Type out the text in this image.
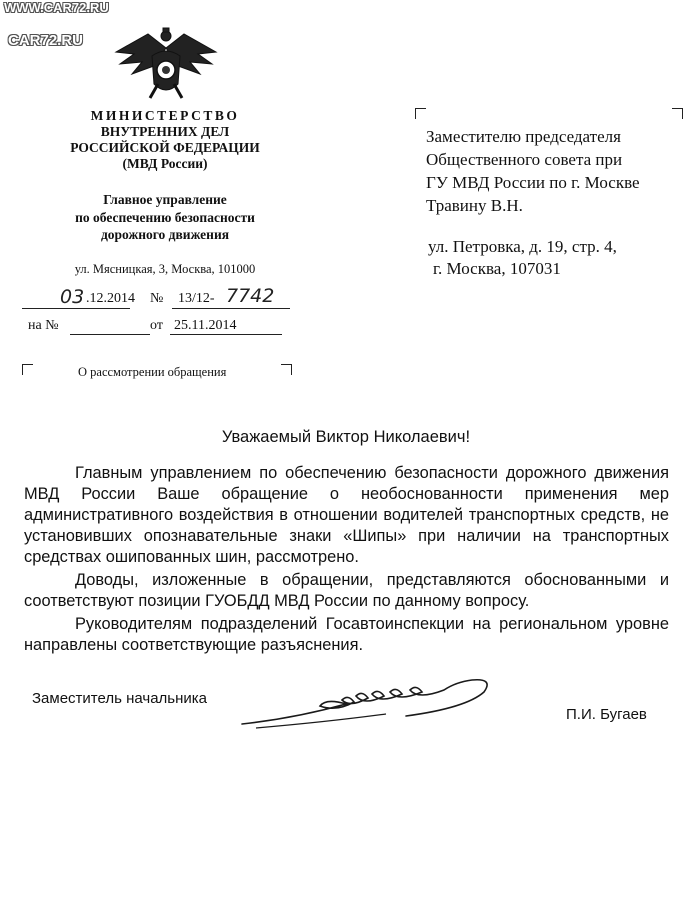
WWW.CAR72.RU
CAR72.RU
МИНИСТЕРСТВО
ВНУТРЕННИХ ДЕЛ
РОССИЙСКОЙ ФЕДЕРАЦИИ
(МВД России)
Главное управление
по обеспечению безопасности
дорожного движения
ул. Мясницкая, 3, Москва, 101000
03 .12.2014 № 13/12- 7742
на №	от 25.11.2014
О рассмотрении обращения
Заместителю председателя
Общественного совета при
ГУ МВД России по г. Москве
Травину В.Н.
ул. Петровка, д. 19, стр. 4,
г. Москва, 107031
Уважаемый Виктор Николаевич!

Главным управлением по обеспечению безопасности дорожного движения МВД России Ваше обращение о необоснованности применения мер административного воздействия в отношении водителей транспортных средств, не установивших опознавательные знаки «Шипы» при наличии на транспортных средствах ошипованных шин, рассмотрено.

Доводы, изложенные в обращении, представляются обоснованными и соответствуют позиции ГУОБДД МВД России по данному вопросу.

Руководителям подразделений Госавтоинспекции на региональном уровне направлены соответствующие разъяснения.

Заместитель начальника
П.И. Бугаев
